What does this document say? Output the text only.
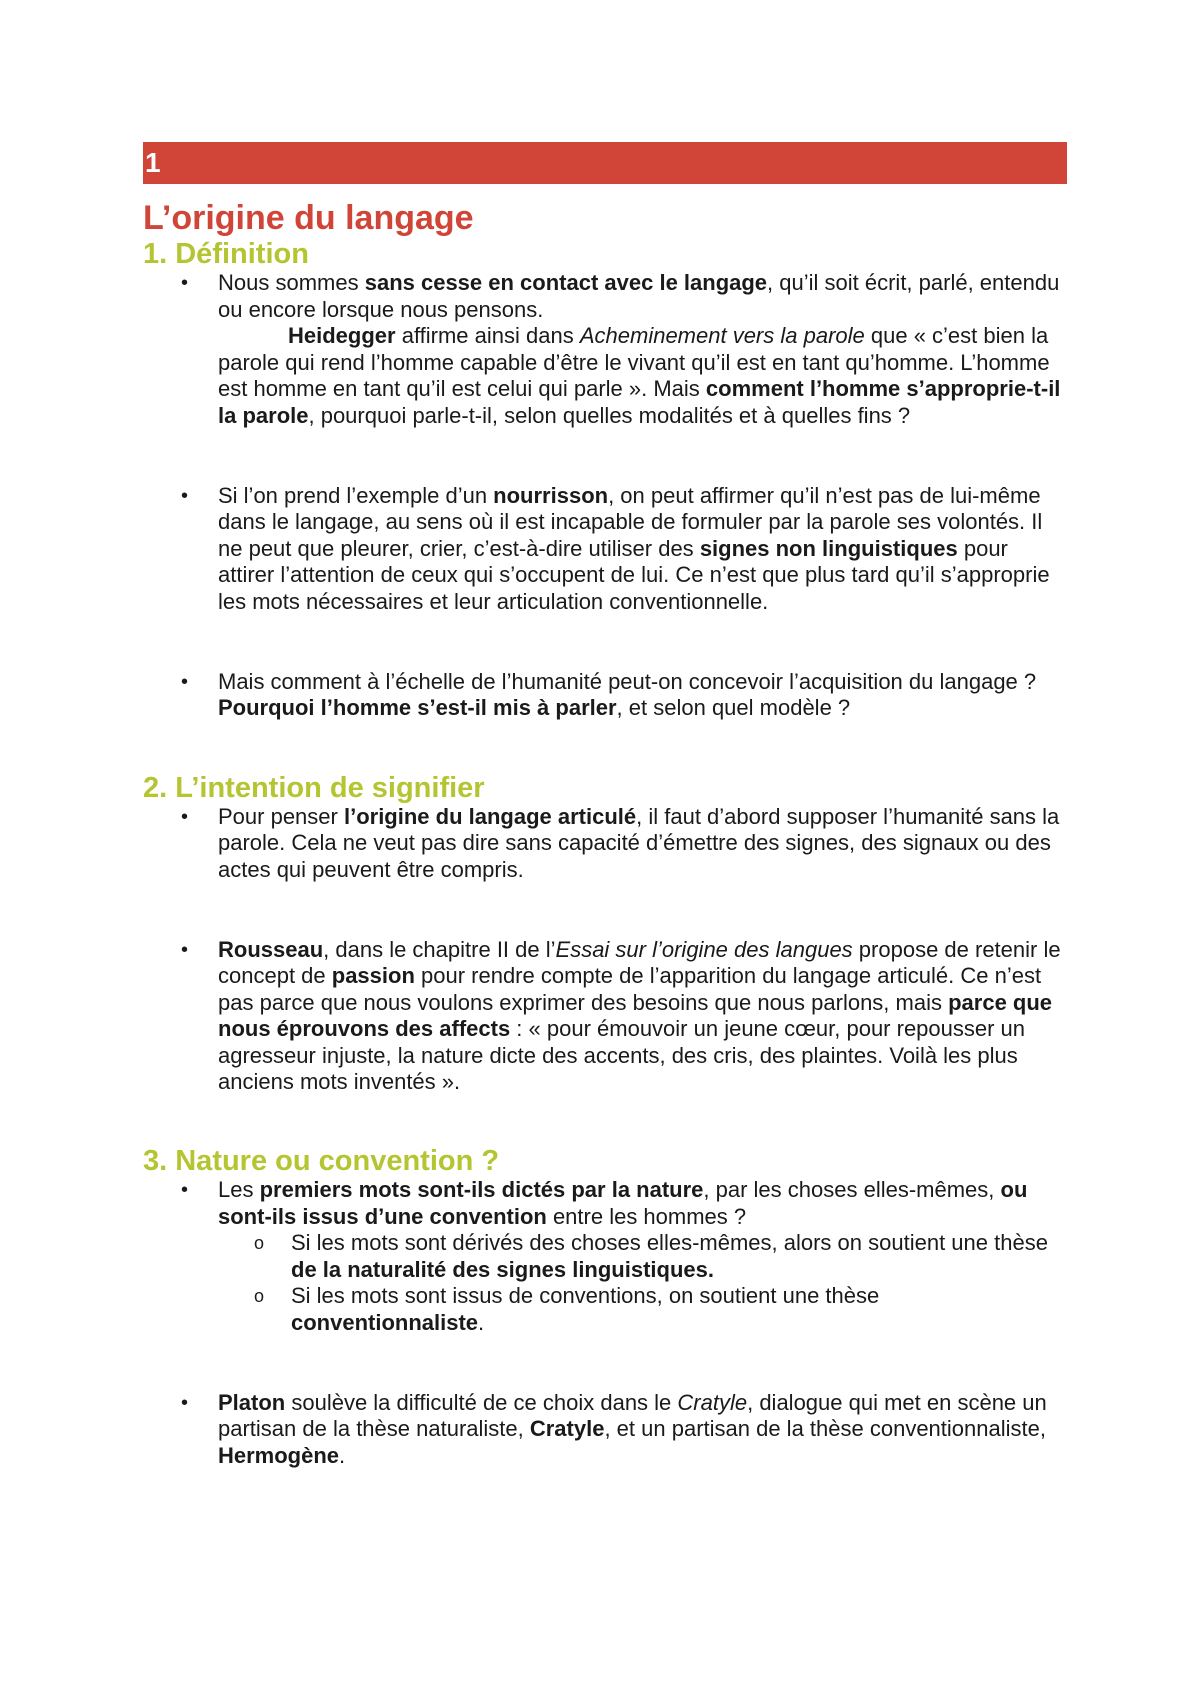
1
L’origine du langage
1. Définition
• Nous sommes sans cesse en contact avec le langage, qu’il soit écrit, parlé, entendu ou encore lorsque nous pensons.
Heidegger affirme ainsi dans Acheminement vers la parole que « c’est bien la parole qui rend l’homme capable d’être le vivant qu’il est en tant qu’homme. L’homme est homme en tant qu’il est celui qui parle ». Mais comment l’homme s’approprie-t-il la parole, pourquoi parle-t-il, selon quelles modalités et à quelles fins ?
• Si l’on prend l’exemple d’un nourrisson, on peut affirmer qu’il n’est pas de lui-même dans le langage, au sens où il est incapable de formuler par la parole ses volontés. Il ne peut que pleurer, crier, c’est-à-dire utiliser des signes non linguistiques pour attirer l’attention de ceux qui s’occupent de lui. Ce n’est que plus tard qu’il s’approprie les mots nécessaires et leur articulation conventionnelle.
• Mais comment à l’échelle de l’humanité peut-on concevoir l’acquisition du langage ? Pourquoi l’homme s’est-il mis à parler, et selon quel modèle ?
2. L’intention de signifier
• Pour penser l’origine du langage articulé, il faut d’abord supposer l’humanité sans la parole. Cela ne veut pas dire sans capacité d’émettre des signes, des signaux ou des actes qui peuvent être compris.
• Rousseau, dans le chapitre II de l’Essai sur l’origine des langues propose de retenir le concept de passion pour rendre compte de l’apparition du langage articulé. Ce n’est pas parce que nous voulons exprimer des besoins que nous parlons, mais parce que nous éprouvons des affects : « pour émouvoir un jeune cœur, pour repousser un agresseur injuste, la nature dicte des accents, des cris, des plaintes. Voilà les plus anciens mots inventés ».
3. Nature ou convention ?
• Les premiers mots sont-ils dictés par la nature, par les choses elles-mêmes, ou sont-ils issus d’une convention entre les hommes ?
o Si les mots sont dérivés des choses elles-mêmes, alors on soutient une thèse de la naturalité des signes linguistiques.
o Si les mots sont issus de conventions, on soutient une thèse conventionnaliste.
• Platon soulève la difficulté de ce choix dans le Cratyle, dialogue qui met en scène un partisan de la thèse naturaliste, Cratyle, et un partisan de la thèse conventionnaliste, Hermogène.
